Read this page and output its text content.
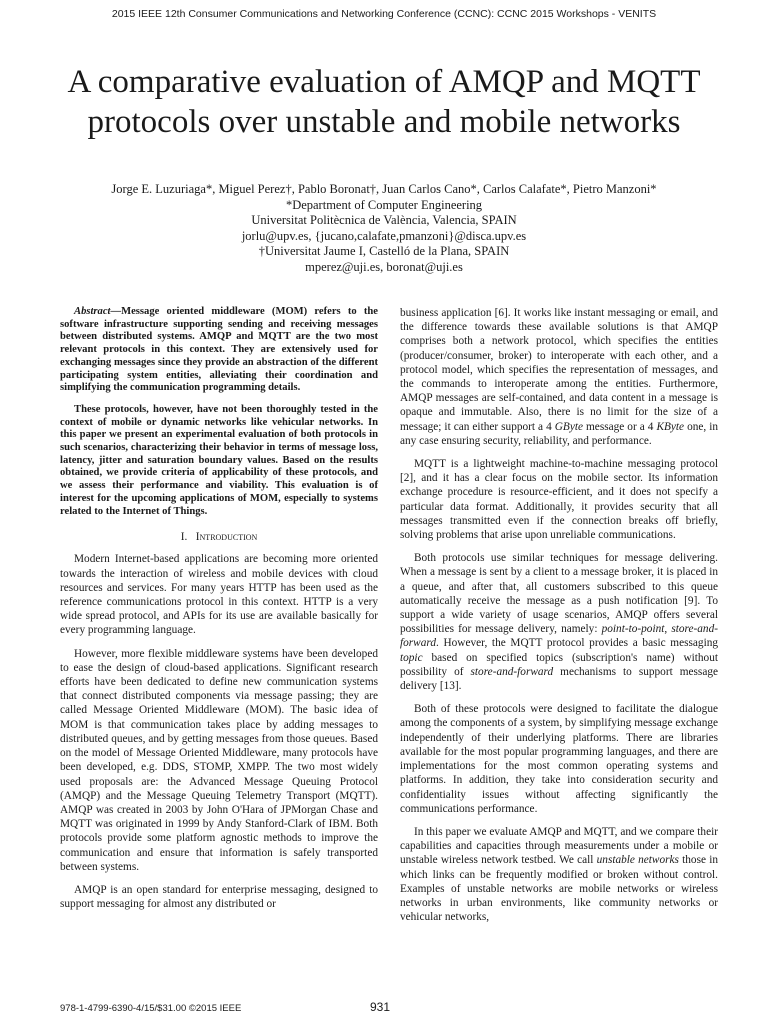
2015 IEEE 12th Consumer Communications and Networking Conference (CCNC): CCNC 2015 Workshops - VENITS
A comparative evaluation of AMQP and MQTT
protocols over unstable and mobile networks
Jorge E. Luzuriaga*, Miguel Perez†, Pablo Boronat†, Juan Carlos Cano*, Carlos Calafate*, Pietro Manzoni*
*Department of Computer Engineering
Universitat Politècnica de València, Valencia, SPAIN
jorlu@upv.es, {jucano,calafate,pmanzoni}@disca.upv.es
†Universitat Jaume I, Castelló de la Plana, SPAIN
mperez@uji.es, boronat@uji.es

Abstract—Message oriented middleware (MOM) refers to the software infrastructure supporting sending and receiving messages between distributed systems. AMQP and MQTT are the two most relevant protocols in this context. They are extensively used for exchanging messages since they provide an abstraction of the different participating system entities, alleviating their coordination and simplifying the communication programming details.

These protocols, however, have not been thoroughly tested in the context of mobile or dynamic networks like vehicular networks. In this paper we present an experimental evaluation of both protocols in such scenarios, characterizing their behavior in terms of message loss, latency, jitter and saturation boundary values. Based on the results obtained, we provide criteria of applicability of these protocols, and we assess their performance and viability. This evaluation is of interest for the upcoming applications of MOM, especially to systems related to the Internet of Things.

I. Introduction

Modern Internet-based applications are becoming more oriented towards the interaction of wireless and mobile devices with cloud resources and services. For many years HTTP has been used as the reference communications protocol in this context. HTTP is a very wide spread protocol, and APIs for its use are available basically for every programming language.

However, more flexible middleware systems have been developed to ease the design of cloud-based applications. Significant research efforts have been dedicated to define new communication systems that connect distributed components via message passing; they are called Message Oriented Middleware (MOM). The basic idea of MOM is that communication takes place by adding messages to distributed queues, and by getting messages from those queues. Based on the model of Message Oriented Middleware, many protocols have been developed, e.g. DDS, STOMP, XMPP. The two most widely used proposals are: the Advanced Message Queuing Protocol (AMQP) and the Message Queuing Telemetry Transport (MQTT). AMQP was created in 2003 by John O'Hara of JPMorgan Chase and MQTT was originated in 1999 by Andy Stanford-Clark of IBM. Both protocols provide some platform agnostic methods to improve the communication and ensure that information is safely transported between systems.

AMQP is an open standard for enterprise messaging, designed to support messaging for almost any distributed or

business application [6]. It works like instant messaging or email, and the difference towards these available solutions is that AMQP comprises both a network protocol, which specifies the entities (producer/consumer, broker) to interoperate with each other, and a protocol model, which specifies the representation of messages, and the commands to interoperate among the entities. Furthermore, AMQP messages are self-contained, and data content in a message is opaque and immutable. Also, there is no limit for the size of a message; it can either support a 4 GByte message or a 4 KByte one, in any case ensuring security, reliability, and performance.

MQTT is a lightweight machine-to-machine messaging protocol [2], and it has a clear focus on the mobile sector. Its information exchange procedure is resource-efficient, and it does not specify a particular data format. Additionally, it provides security that all messages transmitted even if the connection breaks off briefly, solving problems that arise upon unreliable communications.

Both protocols use similar techniques for message delivering. When a message is sent by a client to a message broker, it is placed in a queue, and after that, all customers subscribed to this queue automatically receive the message as a push notification [9]. To support a wide variety of usage scenarios, AMQP offers several possibilities for message delivery, namely: point-to-point, store-and-forward. However, the MQTT protocol provides a basic messaging topic based on specified topics (subscription's name) without possibility of store-and-forward mechanisms to support message delivery [13].

Both of these protocols were designed to facilitate the dialogue among the components of a system, by simplifying message exchange independently of their underlying platforms. There are libraries available for the most popular programming languages, and there are implementations for the most common operating systems and platforms. In addition, they take into consideration security and confidentiality issues without affecting significantly the communications performance.

In this paper we evaluate AMQP and MQTT, and we compare their capabilities and capacities through measurements under a mobile or unstable wireless network testbed. We call unstable networks those in which links can be frequently modified or broken without control. Examples of unstable networks are mobile networks or wireless networks in urban environments, like community networks or vehicular networks,

978-1-4799-6390-4/15/$31.00 ©2015 IEEE	931
